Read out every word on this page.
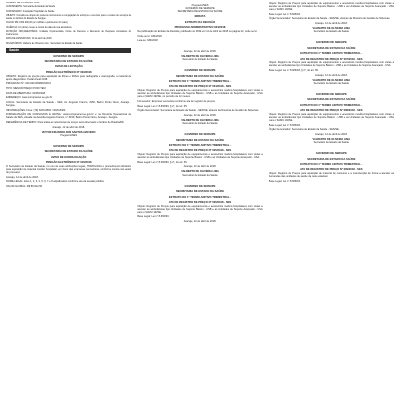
NÚMERO DE CONVÊNIO: 2018

CONVENENTE: Secretaria de Estado da Saúde

CONVENIADO: Fundação Hospitalar de Saúde

OBJETO: Constitui-se objeto do presente instrumento a conjugação de esforços e recursos para o custeio de serviços de saúde no âmbito do Estado de Sergipe.

VALOR: R$ 1.500.000,00 (um milhão e quinhentos mil reais)

VIGÊNCIA: 12 (doze) meses a contar da data de sua assinatura.

DOTAÇÃO ORÇAMENTÁRIA: Unidade Orçamentária, Fonte de Recurso e Elemento de Despesa constantes do instrumento.

DATA DE ASSINATURA: 10 de abril de 2018.

SIGNATÁRIOS: Valberto de Oliveira Lima - Secretário de Estado da Saúde

Saúde
GOVERNO DE SERGIPE
SECRETARIA DE ESTADO DA SAÚDE
AVISO DE LICITAÇÃO
PREGÃO ELETRÔNICO Nº 023/2018

OBJETO: Registro de preços para aquisição de filmes e fitilhos para radiografia e mamografia, a material de apoio diagnóstico. Pedal Anual 2018.

PROCESSO Nº: 020.000.00680/2018-0

TIPO: MENOR PREÇO POR ITEM

DATA DE ABERTURA: 02/05/2018

ENDEREÇO: www.comprasnet.se.gov.br

LOCAL: Secretaria de Estado da Saúde - SES, Av. Augusto Franco, 3150, Bairro Ponto Novo, Aracaju - Sergipe.

INFORMAÇÕES: Fone: (79) 3226-8300 / 3226-8304.

FORMALIZAÇÃO DE CONSULTAS E EDITAL: www.comprasnet.se.gov.br e na Diretoria Operacional de Saúde da SES, situada na Avenida Augusto Franco, nº 3150, Bairro Ponto Novo, Aracaju - Sergipe.

REFERÊNCIA DE TEMPO: Para todas as referências de tempo será observado o horário de Brasília/DF.

Aracaju, 12 de abril de 2018.

VICTOR EDUARDO DOS SANTOS AZEVEDO

Pregoeiro/SES

GOVERNO DE SERGIPE
SECRETARIA DE ESTADO DA SAÚDE
AVISO DE HOMOLOGAÇÃO
PREGÃO ELETRÔNICO Nº 016/2018

O Secretário de Estado da Saúde, no uso de suas atribuições legais, HOMOLOGA o procedimento licitatório para aquisição de material médico hospitalar, em favor das empresas vencedoras, conforme consta nos autos do processo.

Aracaju, 12 de abril de 2018.

NOME LEGAL: lotes 1, 2, 3, 4, 5, 6, 7 e 8 adjudicados conforme ata da sessão pública.

VALOR GLOBAL: R$ 89.642,50

Pregoeiro/SES

GOVERNO DE SERGIPE

SECRETARIA DE ESTADO DA SAÚDE

ERRATA
EXTRATO DA DECISÃO
PROCESSO ADMINISTRATIVO 034/2018

Na publicação do Extrato da Decisão, publicado no DOE em 11 de Abril de 2018 na página 22, onde se lê:

Onde se lê: 034/2018

Leia-se: 034/2018

Aracaju, 12 de abril de 2018.

VALBERTO DE OLIVEIRA LIMA

Secretário de Estado da Saúde

GOVERNO DE SERGIPE
SECRETARIA DE ESTADO DA SAÚDE
EXTRATO DO 1º TERMO ADITIVO TRIMESTRAL -
ATA DE REGISTRO DE PREÇO Nº 004/2018 - SES

Objeto: Registro de Preços para aquisição de equipamentos e acessórios médico-hospitalares com vistas a atender as ambulâncias tipo Unidades de Suporte Básico - USB e as Unidades de Suporte Avançado - USA para o SAMU 192SE, no período de 12 meses.

Fornecedor: Empresa vencedora conforme ata de registro de preços.

Base Legal: Lei nº 8.666/93, § 2º, do art. 65.

Órgão Gerenciador: Secretaria de Estado da Saúde - SES/SE, através da Diretoria de Gestão de Sistemas.

Aracaju, 12 de abril de 2018.

VALBERTO DE OLIVEIRA LIMA

Secretário de Estado da Saúde

GOVERNO DE SERGIPE
SECRETARIA DE ESTADO DA SAÚDE
EXTRATO DO 1º TERMO ADITIVO TRIMESTRAL -
ATA DE REGISTRO DE PREÇO Nº 005/2018 - SES

Objeto: Registro de Preços para aquisição de equipamentos e acessórios médico-hospitalares com vistas a atender as ambulâncias tipo Unidades de Suporte Básico - USB e as Unidades de Suporte Avançado - USA.

Base Legal: Lei nº 8.666/93, § 2º, do art. 65.

Aracaju, 12 de abril de 2018.

VALBERTO DE OLIVEIRA LIMA

Secretário de Estado da Saúde

GOVERNO DE SERGIPE
SECRETARIA DE ESTADO DA SAÚDE
EXTRATO DO 1º TERMO ADITIVO TRIMESTRAL -
ATA DE REGISTRO DE PREÇO Nº 006/2018 - SES

Objeto: Registro de Preços para aquisição de equipamentos e acessórios médico-hospitalares com vistas a atender as ambulâncias tipo Unidades de Suporte Básico - USB e as Unidades de Suporte Avançado - USA para o SAMU 192SE.

Base Legal: Lei nº 8.666/93.

Aracaju, 12 de abril de 2018.

Objeto: Registro de Preços para aquisição de equipamentos e acessórios médico-hospitalares com vistas a atender as ambulâncias tipo Unidades de Suporte Básico - USB e as Unidades de Suporte Avançado - USA para o SAMU 192SE.

Base Legal: Lei nº 8.666/93.

Órgão Gerenciador: Secretaria de Estado da Saúde - SES/SE, através da Diretoria de Gestão de Sistemas.

Aracaju, 12 de abril de 2018.

VALBERTO DE OLIVEIRA LIMA

Secretário de Estado da Saúde

GOVERNO DE SERGIPE
SECRETARIA DE ESTADO DA SAÚDE
EXTRATO DO 1º TERMO ADITIVO TRIMESTRAL -
ATA DE REGISTRO DE PREÇO Nº 007/2018 - SES

Objeto: Registro de Preços para aquisição de equipamentos e acessórios médico-hospitalares com vistas a atender as ambulâncias tipo Unidades de Suporte Básico - USB e as Unidades de Suporte Avançado - USA.

Base Legal: Lei nº 8.666/93, § 2º, do art. 65.

Aracaju, 12 de abril de 2018.

VALBERTO DE OLIVEIRA LIMA

Secretário de Estado da Saúde

GOVERNO DE SERGIPE
SECRETARIA DE ESTADO DA SAÚDE
EXTRATO DO 1º TERMO ADITIVO TRIMESTRAL -
ATA DE REGISTRO DE PREÇO Nº 008/2018 - SES

Objeto: Registro de Preços para aquisição de equipamentos e acessórios médico-hospitalares com vistas a atender as ambulâncias tipo Unidades de Suporte Básico - USB e as Unidades de Suporte Avançado - USA para o SAMU 192SE.

Base Legal: Lei nº 8.666/93.

Órgão Gerenciador: Secretaria de Estado da Saúde - SES/SE.

Aracaju, 12 de abril de 2018.

VALBERTO DE OLIVEIRA LIMA

Secretário de Estado da Saúde

GOVERNO DE SERGIPE
SECRETARIA DE ESTADO DA SAÚDE
EXTRATO DO 1º TERMO ADITIVO TRIMESTRAL -
ATA DE REGISTRO DE PREÇO Nº 009/2018 - SES

Objeto: Registro de Preços para aquisição de material de consumo e a manutenção de forma a atender as demandas das unidades de saúde da rede estadual.

Base Legal: Lei nº 8.666/93.
